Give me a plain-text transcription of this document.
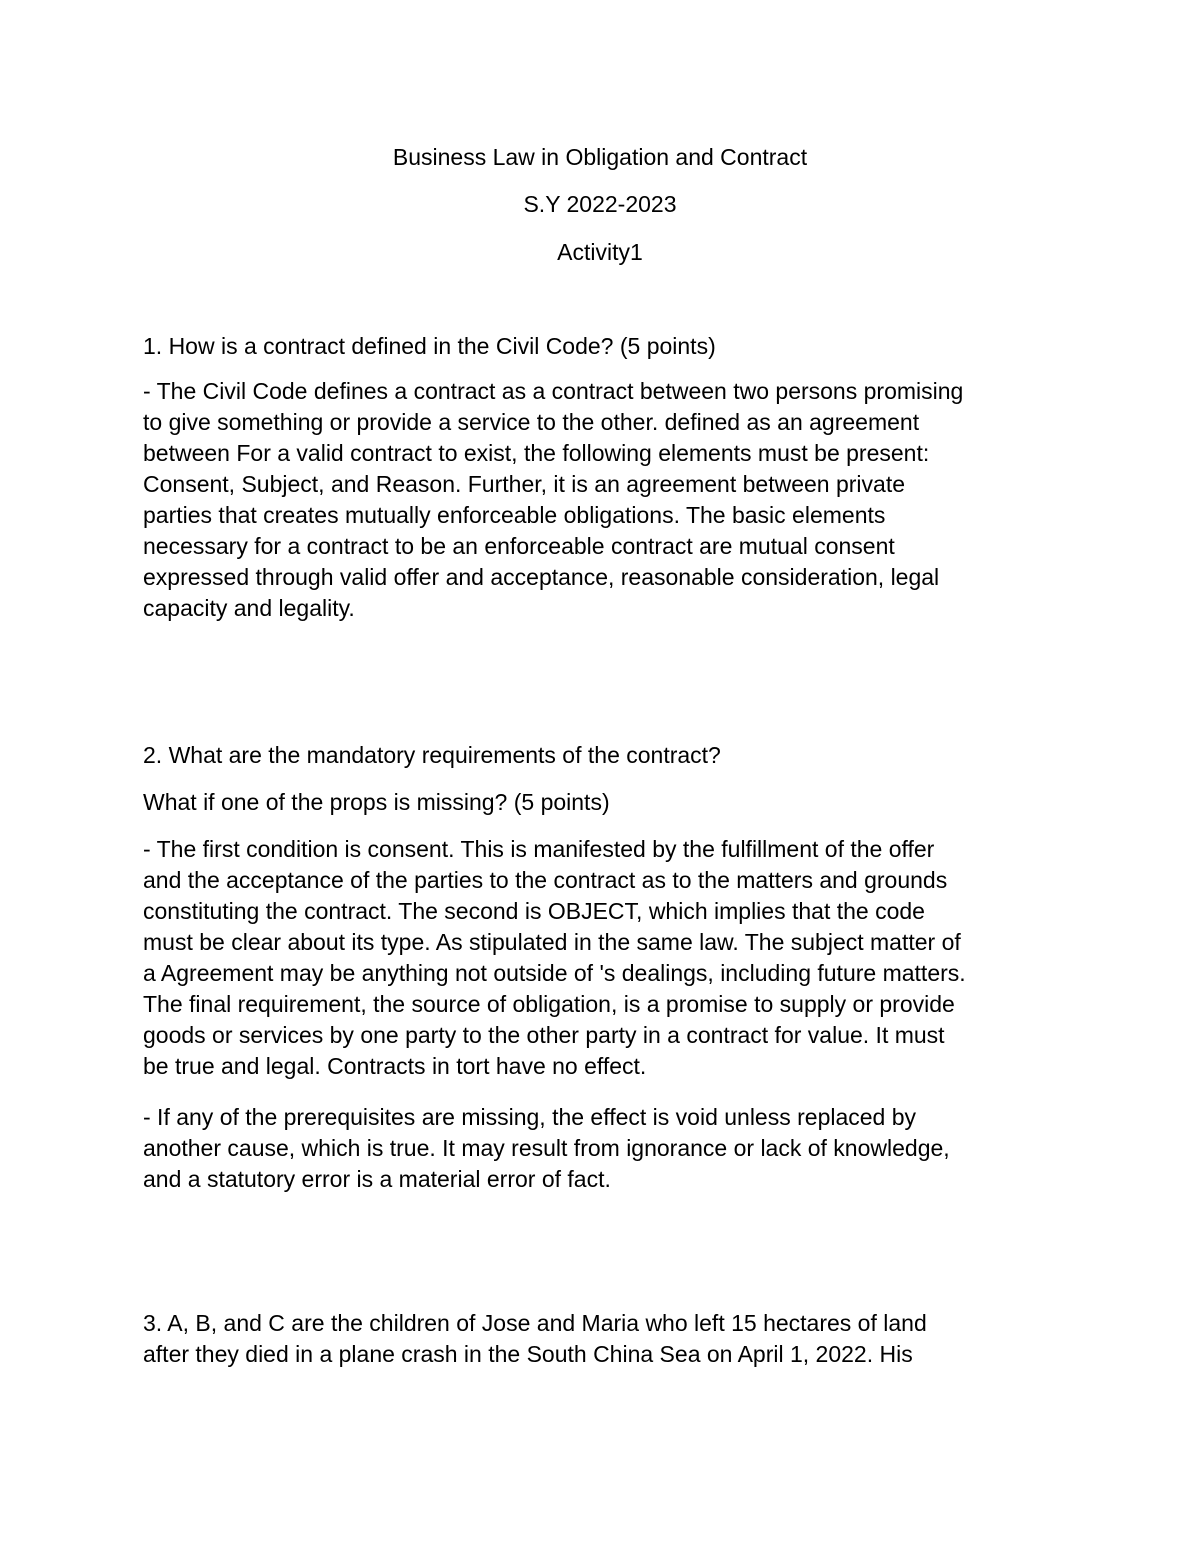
Business Law in Obligation and Contract
S.Y 2022-2023
Activity1

1. How is a contract defined in the Civil Code? (5 points)

- The Civil Code defines a contract as a contract between two persons promising
to give something or provide a service to the other. defined as an agreement
between For a valid contract to exist, the following elements must be present:
Consent, Subject, and Reason. Further, it is an agreement between private
parties that creates mutually enforceable obligations. The basic elements
necessary for a contract to be an enforceable contract are mutual consent
expressed through valid offer and acceptance, reasonable consideration, legal
capacity and legality.

2. What are the mandatory requirements of the contract?

What if one of the props is missing? (5 points)

- The first condition is consent. This is manifested by the fulfillment of the offer
and the acceptance of the parties to the contract as to the matters and grounds
constituting the contract. The second is OBJECT, which implies that the code
must be clear about its type. As stipulated in the same law. The subject matter of
a Agreement may be anything not outside of 's dealings, including future matters.
The final requirement, the source of obligation, is a promise to supply or provide
goods or services by one party to the other party in a contract for value. It must
be true and legal. Contracts in tort have no effect.

- If any of the prerequisites are missing, the effect is void unless replaced by
another cause, which is true. It may result from ignorance or lack of knowledge,
and a statutory error is a material error of fact.

3. A, B, and C are the children of Jose and Maria who left 15 hectares of land
after they died in a plane crash in the South China Sea on April 1, 2022. His
